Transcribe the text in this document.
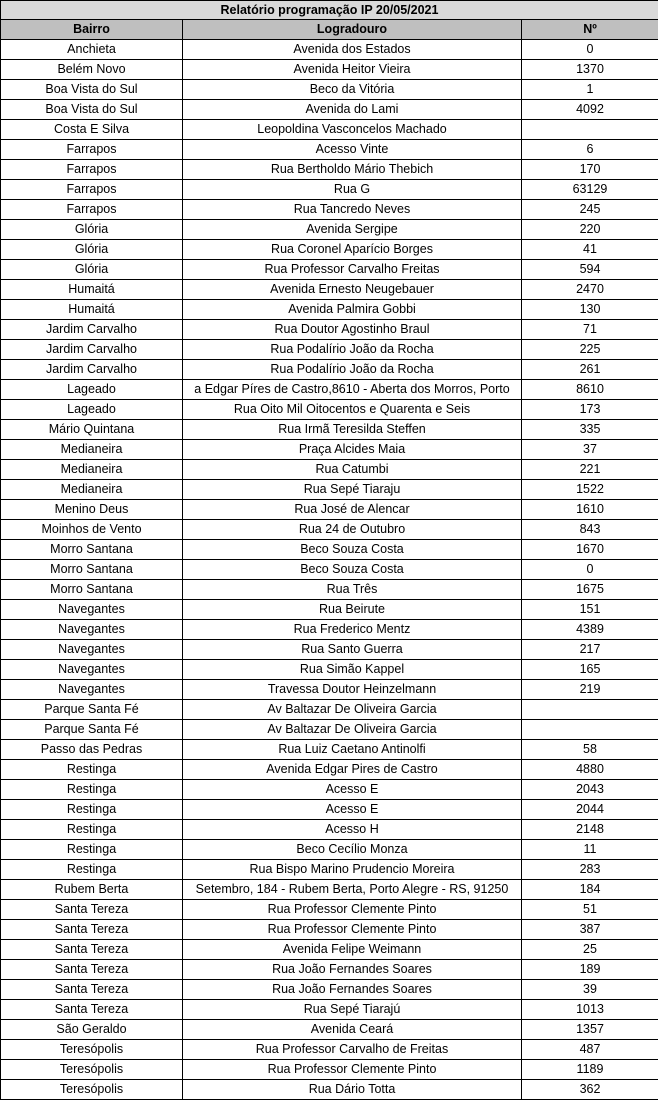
Relatório programação IP 20/05/2021		
Bairro	Logradouro	Nº
Anchieta	Avenida dos Estados	0
Belém Novo	Avenida Heitor Vieira	1370
Boa Vista do Sul	Beco da Vitória	1
Boa Vista do Sul	Avenida do Lami	4092
Costa E Silva	Leopoldina Vasconcelos Machado	
Farrapos	Acesso Vinte	6
Farrapos	Rua Bertholdo Mário Thebich	170
Farrapos	Rua G	63129
Farrapos	Rua Tancredo Neves	245
Glória	Avenida Sergipe	220
Glória	Rua Coronel Aparício Borges	41
Glória	Rua Professor Carvalho Freitas	594
Humaitá	Avenida Ernesto Neugebauer	2470
Humaitá	Avenida Palmira Gobbi	130
Jardim Carvalho	Rua Doutor Agostinho Braul	71
Jardim Carvalho	Rua Podalírio João da Rocha	225
Jardim Carvalho	Rua Podalírio João da Rocha	261
Lageado	a Edgar Píres de Castro,8610 - Aberta dos Morros, Porto	8610
Lageado	Rua Oito Mil Oitocentos e Quarenta e Seis	173
Mário Quintana	Rua Irmã Teresilda Steffen	335
Medianeira	Praça Alcides Maia	37
Medianeira	Rua Catumbi	221
Medianeira	Rua Sepé Tiaraju	1522
Menino Deus	Rua José de Alencar	1610
Moinhos de Vento	Rua 24 de Outubro	843
Morro Santana	Beco Souza Costa	1670
Morro Santana	Beco Souza Costa	0
Morro Santana	Rua Três	1675
Navegantes	Rua Beirute	151
Navegantes	Rua Frederico Mentz	4389
Navegantes	Rua Santo Guerra	217
Navegantes	Rua Simão Kappel	165
Navegantes	Travessa Doutor Heinzelmann	219
Parque Santa Fé	Av Baltazar De Oliveira Garcia	
Parque Santa Fé	Av Baltazar De Oliveira Garcia	
Passo das Pedras	Rua Luiz Caetano Antinolfi	58
Restinga	Avenida Edgar Pires de Castro	4880
Restinga	Acesso E	2043
Restinga	Acesso E	2044
Restinga	Acesso H	2148
Restinga	Beco Cecílio Monza	11
Restinga	Rua Bispo Marino Prudencio Moreira	283
Rubem Berta	Setembro, 184 - Rubem Berta, Porto Alegre - RS, 91250	184
Santa Tereza	Rua Professor Clemente Pinto	51
Santa Tereza	Rua Professor Clemente Pinto	387
Santa Tereza	Avenida Felipe Weimann	25
Santa Tereza	Rua João Fernandes Soares	189
Santa Tereza	Rua João Fernandes Soares	39
Santa Tereza	Rua Sepé Tiarajú	1013
São Geraldo	Avenida Ceará	1357
Teresópolis	Rua Professor Carvalho de Freitas	487
Teresópolis	Rua Professor Clemente Pinto	1189
Teresópolis	Rua Dário Totta	362
